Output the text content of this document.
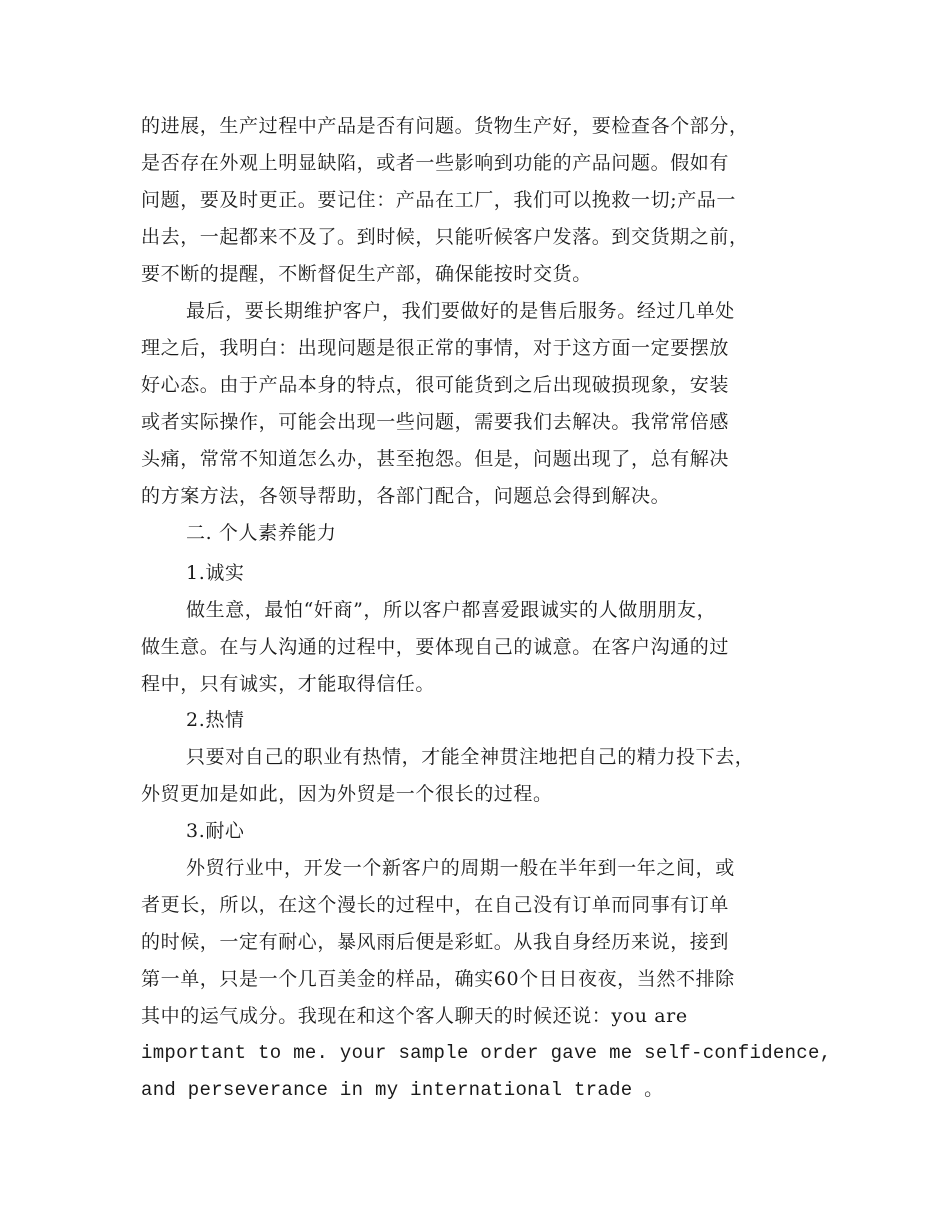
的进展，生产过程中产品是否有问题。货物生产好，要检查各个部分，
是否存在外观上明显缺陷，或者一些影响到功能的产品问题。假如有
问题，要及时更正。要记住：产品在工厂，我们可以挽救一切;产品一
出去，一起都来不及了。到时候，只能听候客户发落。到交货期之前，
要不断的提醒，不断督促生产部，确保能按时交货。
最后，要长期维护客户，我们要做好的是售后服务。经过几单处
理之后，我明白：出现问题是很正常的事情，对于这方面一定要摆放
好心态。由于产品本身的特点，很可能货到之后出现破损现象，安装
或者实际操作，可能会出现一些问题，需要我们去解决。我常常倍感
头痛，常常不知道怎么办，甚至抱怨。但是，问题出现了，总有解决
的方案方法，各领导帮助，各部门配合，问题总会得到解决。
二. 个人素养能力
1.诚实
做生意，最怕“奸商”，所以客户都喜爱跟诚实的人做朋朋友，
做生意。在与人沟通的过程中，要体现自己的诚意。在客户沟通的过
程中，只有诚实，才能取得信任。
2.热情
只要对自己的职业有热情，才能全神贯注地把自己的精力投下去，
外贸更加是如此，因为外贸是一个很长的过程。
3.耐心
外贸行业中，开发一个新客户的周期一般在半年到一年之间，或
者更长，所以，在这个漫长的过程中，在自己没有订单而同事有订单
的时候，一定有耐心，暴风雨后便是彩虹。从我自身经历来说，接到
第一单，只是一个几百美金的样品，确实60个日日夜夜，当然不排除
其中的运气成分。我现在和这个客人聊天的时候还说：you are
important to me. your sample order gave me self-confidence,
and perseverance in my international trade 。
